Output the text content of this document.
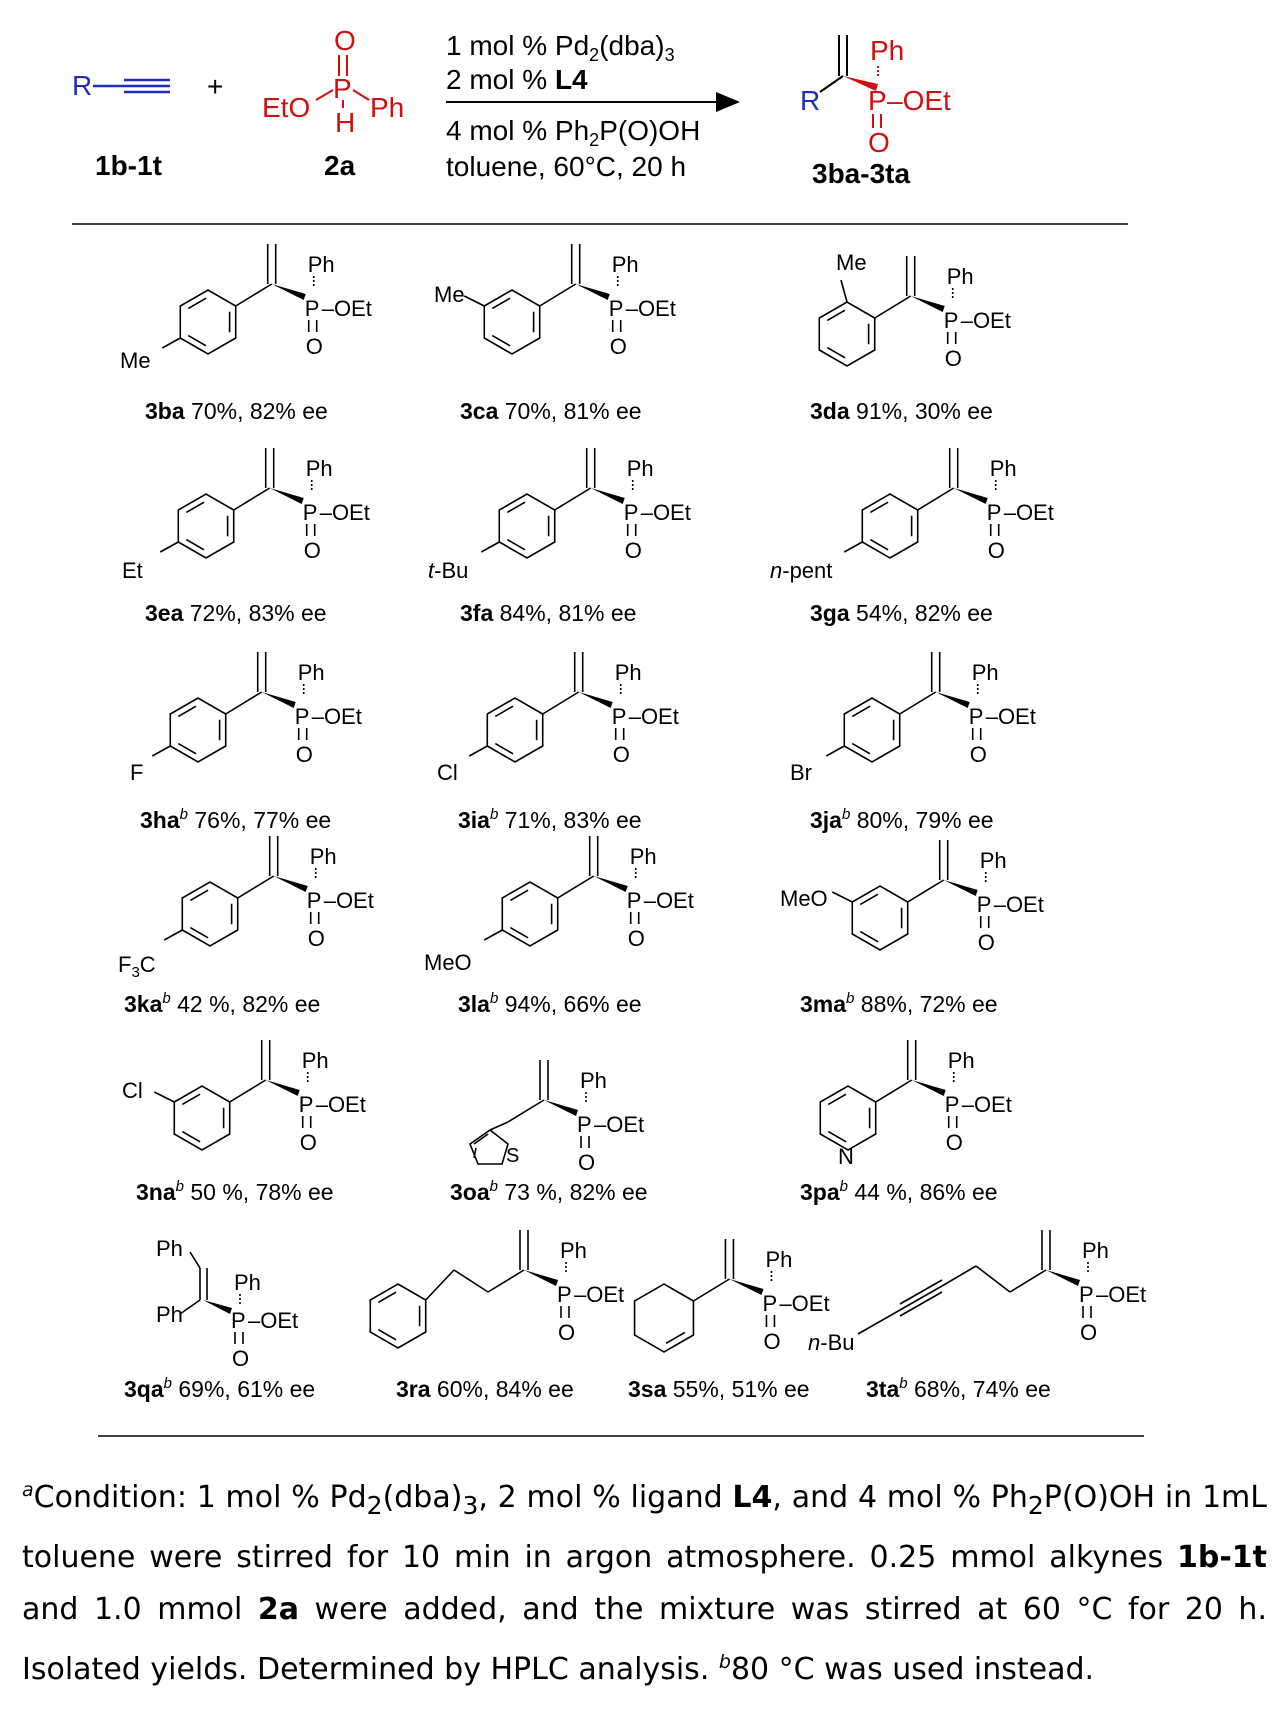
R
1b-1t
+
O
P
EtO H Ph
2a
1 mol % $Pd_2(dba)_3$
2 mol % L4
4 mol % $Ph_2P(O)OH$
toluene, 60°C, 20 h
R
Ph
P –OEt
O
3ba-3ta
3ba 70%, 82% ee
Ph
P –OEt
O
Me
3ca 70%, 81% ee
Ph
P –OEt
O
Me
3da 91%, 30% ee
Ph
P –OEt
O
Me
3ea 72%, 83% ee
Ph
P –OEt
O
Et
3fa 84%, 81% ee
Ph
P –OEt
O
t-Bu
3ga 54%, 82% ee
Ph
P –OEt
O
n-pent
$3ha^b$ 76%, 77% ee
Ph
P –OEt
O
F
$3ia^b$ 71%, 83% ee
Ph
P –OEt
O
Cl
$3ja^b$ 80%, 79% ee
Ph
P –OEt
O
Br
$3ka^b$ 42 %, 82% ee
Ph
P –OEt
O
$F_3C$
$3la^b$ 94%, 66% ee
Ph
P –OEt
O
MeO
$3ma^b$ 88%, 72% ee
Ph
P –OEt
O
MeO
$3na^b$ 50 %, 78% ee
Ph
P –OEt
O
Cl
$3oa^b$ 73 %, 82% ee
S
Ph
P –OEt
O
$3pa^b$ 44 %, 86% ee
Ph
P –OEt
O
N
$3qa^b$ 69%, 61% ee
Ph
Ph
Ph
P –OEt
O
3ra 60%, 84% ee
Ph
P –OEt
O
3sa 55%, 51% ee
Ph
P –OEt
O
$3ta^b$ 68%, 74% ee
Ph
P –OEt
O
n-Bu
$^a$Condition: 1 mol % $Pd_2(dba)_3$, 2 mol % ligand L4, and 4 mol % $Ph_2P(O)OH$ in 1mL toluene were stirred for 10 min in argon atmosphere. 0.25 mmol alkynes 1b-1t and 1.0 mmol 2a were added, and the mixture was stirred at 60 °C for 20 h. Isolated yields. Determined by HPLC analysis. $^b$80 °C was used instead.
